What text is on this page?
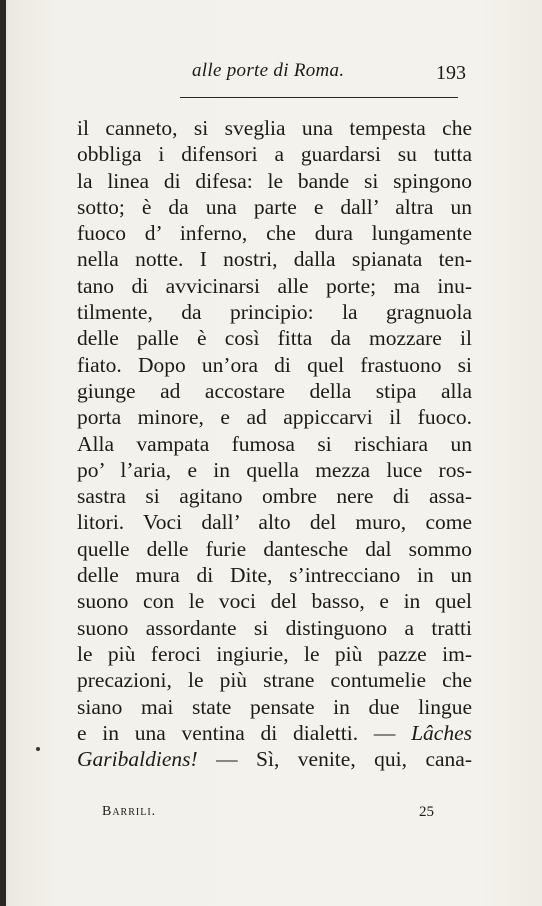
alle porte di Roma.	193
il canneto, si sveglia una tempesta che
obbliga i difensori a guardarsi su tutta
la linea di difesa: le bande si spingono
sotto; è da una parte e dall’ altra un
fuoco d’ inferno, che dura lungamente
nella notte. I nostri, dalla spianata ten-
tano di avvicinarsi alle porte; ma inu-
tilmente, da principio: la gragnuola
delle palle è così fitta da mozzare il
fiato. Dopo un’ora di quel frastuono si
giunge ad accostare della stipa alla
porta minore, e ad appiccarvi il fuoco.
Alla vampata fumosa si rischiara un
po’ l’aria, e in quella mezza luce ros-
sastra si agitano ombre nere di assa-
litori. Voci dall’ alto del muro, come
quelle delle furie dantesche dal sommo
delle mura di Dite, s’intrecciano in un
suono con le voci del basso, e in quel
suono assordante si distinguono a tratti
le più feroci ingiurie, le più pazze im-
precazioni, le più strane contumelie che
siano mai state pensate in due lingue
e in una ventina di dialetti. — Lâches
Garibaldiens! — Sì, venite, qui, cana-
Barrili.	25
